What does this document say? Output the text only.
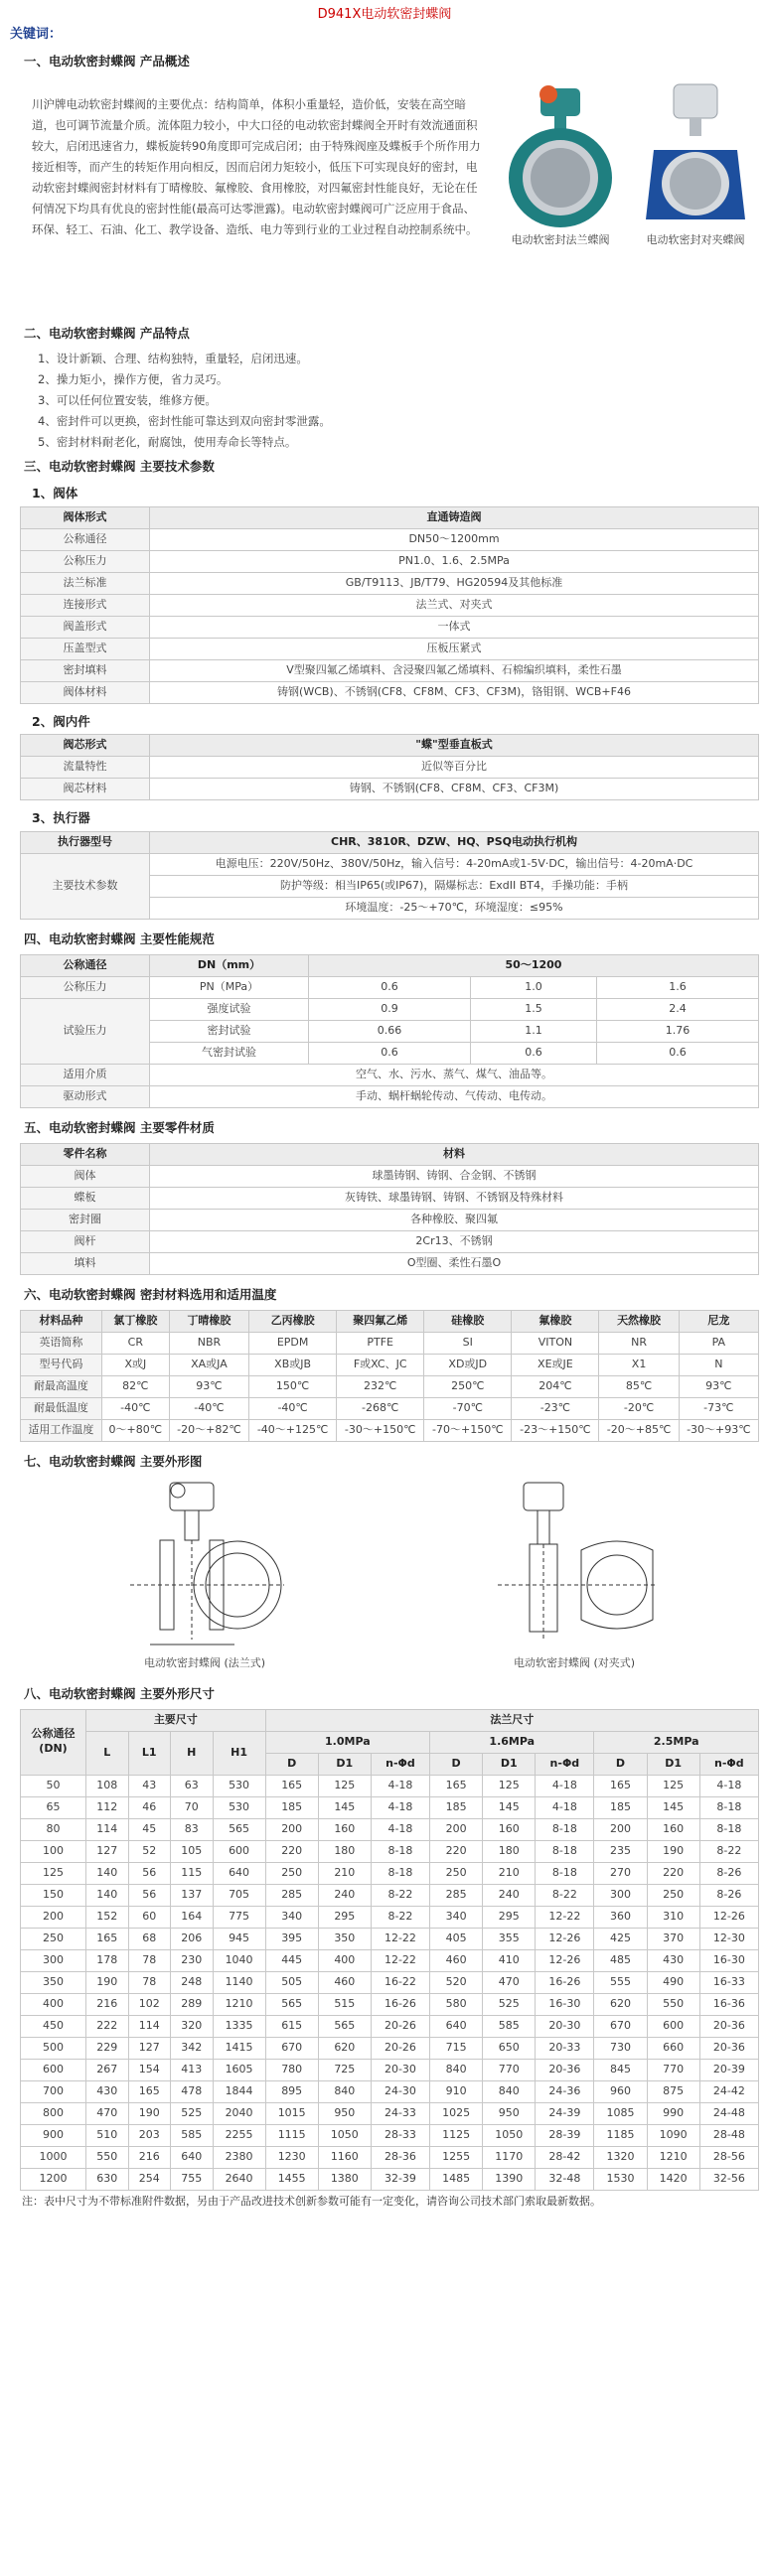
D941X电动软密封蝶阀
关键词：
一、电动软密封蝶阀 产品概述
川沪牌电动软密封蝶阀的主要优点：结构简单，体积小重量轻，造价低，安装在高空暗道，也可调节流量介质。流体阻力较小，中大口径的电动软密封蝶阀全开时有效流通面积较大，启闭迅速省力，蝶板旋转90角度即可完成启闭；由于特殊阀座及蝶板手个所作用力接近相等，而产生的转矩作用向相反，因而启闭力矩较小，低压下可实现良好的密封，电动软密封蝶阀密封材料有丁晴橡胶、氟橡胶、食用橡胶，对四氟密封性能良好，无论在任何情况下均具有优良的密封性能(最高可达零泄露)。电动软密封蝶阀可广泛应用于食品、环保、轻工、石油、化工、教学设备、造纸、电力等到行业的工业过程自动控制系统中。
电动软密封法兰蝶阀	电动软密封对夹蝶阀
二、电动软密封蝶阀 产品特点
1、设计新颖、合理、结构独特，重量轻，启闭迅速。
2、操力矩小，操作方便，省力灵巧。
3、可以任何位置安装，维修方便。
4、密封件可以更换，密封性能可靠达到双向密封零泄露。
5、密封材料耐老化，耐腐蚀，使用寿命长等特点。
三、电动软密封蝶阀 主要技术参数
1、阀体
阀体形式	直通铸造阀
公称通径	DN50～1200mm
公称压力	PN1.0、1.6、2.5MPa
法兰标准	GB/T9113、JB/T79、HG20594及其他标准
连接形式	法兰式、对夹式
阀盖形式	一体式
压盖型式	压板压紧式
密封填料	V型聚四氟乙烯填料、含浸聚四氟乙烯填料、石棉编织填料，柔性石墨
阀体材料	铸钢(WCB)、不锈钢(CF8、CF8M、CF3、CF3M)，铬钼钢、WCB+F46
2、阀内件
阀芯形式	"蝶"型垂直板式
流量特性	近似等百分比
阀芯材料	铸钢、不锈钢(CF8、CF8M、CF3、CF3M)
3、执行器
执行器型号	CHR、3810R、DZW、HQ、PSQ电动执行机构
主要技术参数	电源电压：220V/50Hz、380V/50Hz，输入信号：4-20mA或1-5V·DC，输出信号：4-20mA·DC
	防护等级：相当IP65(或IP67)，隔爆标志：ExdII BT4，手操功能：手柄
	环境温度：-25～+70℃，环境湿度：≤95%
四、电动软密封蝶阀 主要性能规范
公称通径	DN（mm）	50～1200		
公称压力	PN（MPa）	0.6	1.0	1.6
试验压力	强度试验	0.9	1.5	2.4
	密封试验	0.66	1.1	1.76
	气密封试验	0.6	0.6	0.6
适用介质	空气、水、污水、蒸气、煤气、油品等。			
驱动形式	手动、蜗杆蜗轮传动、气传动、电传动。			
五、电动软密封蝶阀 主要零件材质
零件名称	材料
阀体	球墨铸钢、铸钢、合金钢、不锈钢
蝶板	灰铸铁、球墨铸钢、铸钢、不锈钢及特殊材料
密封圈	各种橡胶、聚四氟
阀杆	2Cr13、不锈钢
填料	O型圈、柔性石墨O
六、电动软密封蝶阀 密封材料选用和适用温度
材料品种	氯丁橡胶	丁晴橡胶	乙丙橡胶	聚四氟乙烯	硅橡胶	氟橡胶	天然橡胶	尼龙
英语简称	CR	NBR	EPDM	PTFE	SI	VITON	NR	PA
型号代码	X或J	XA或JA	XB或JB	F或XC、JC	XD或JD	XE或JE	X1	N
耐最高温度	82℃	93℃	150℃	232℃	250℃	204℃	85℃	93℃
耐最低温度	-40℃	-40℃	-40℃	-268℃	-70℃	-23℃	-20℃	-73℃
适用工作温度	0～+80℃	-20～+82℃	-40～+125℃	-30～+150℃	-70～+150℃	-23～+150℃	-20～+85℃	-30～+93℃
七、电动软密封蝶阀 主要外形图
电动软密封蝶阀 (法兰式)	电动软密封蝶阀 (对夹式)
八、电动软密封蝶阀 主要外形尺寸
公称通径(DN)	主要尺寸				法兰尺寸								
	L	L1	H	H1	1.0MPa			1.6MPa			2.5MPa		
					D	D1	n-Φd	D	D1	n-Φd	D	D1	n-Φd
50	108	43	63	530	165	125	4-18	165	125	4-18	165	125	4-18
65	112	46	70	530	185	145	4-18	185	145	4-18	185	145	8-18
80	114	45	83	565	200	160	4-18	200	160	8-18	200	160	8-18
100	127	52	105	600	220	180	8-18	220	180	8-18	235	190	8-22
125	140	56	115	640	250	210	8-18	250	210	8-18	270	220	8-26
150	140	56	137	705	285	240	8-22	285	240	8-22	300	250	8-26
200	152	60	164	775	340	295	8-22	340	295	12-22	360	310	12-26
250	165	68	206	945	395	350	12-22	405	355	12-26	425	370	12-30
300	178	78	230	1040	445	400	12-22	460	410	12-26	485	430	16-30
350	190	78	248	1140	505	460	16-22	520	470	16-26	555	490	16-33
400	216	102	289	1210	565	515	16-26	580	525	16-30	620	550	16-36
450	222	114	320	1335	615	565	20-26	640	585	20-30	670	600	20-36
500	229	127	342	1415	670	620	20-26	715	650	20-33	730	660	20-36
600	267	154	413	1605	780	725	20-30	840	770	20-36	845	770	20-39
700	430	165	478	1844	895	840	24-30	910	840	24-36	960	875	24-42
800	470	190	525	2040	1015	950	24-33	1025	950	24-39	1085	990	24-48
900	510	203	585	2255	1115	1050	28-33	1125	1050	28-39	1185	1090	28-48
1000	550	216	640	2380	1230	1160	28-36	1255	1170	28-42	1320	1210	28-56
1200	630	254	755	2640	1455	1380	32-39	1485	1390	32-48	1530	1420	32-56
注：表中尺寸为不带标准附件数据，另由于产品改进技术创新参数可能有一定变化，请咨询公司技术部门索取最新数据。
